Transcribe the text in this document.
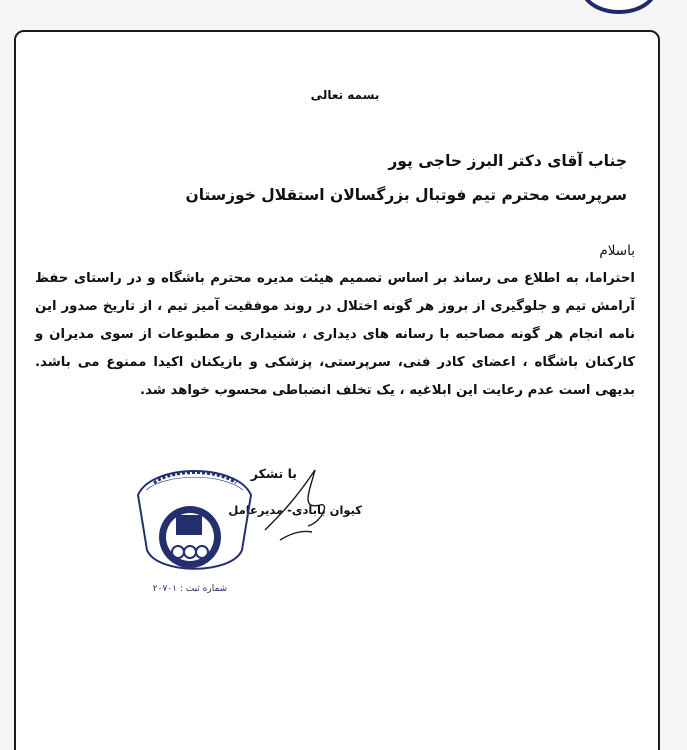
بسمه تعالی
جناب آقای دکتر البرز حاجی پور
سرپرست محترم تیم فوتبال بزرگسالان استقلال خوزستان
باسلام
احتراما، به اطلاع می رساند بر اساس تصمیم هیئت مدیره محترم باشگاه و در راستای حفظ
آرامش تیم و جلوگیری از بروز هر گونه اختلال در روند موفقیت آمیز تیم ، از تاریخ صدور این
نامه انجام هر گونه مصاحبه با رسانه های دیداری ، شنیداری و مطبوعات از سوی مدیران و
کارکنان باشگاه ، اعضای کادر فنی، سرپرستی، پزشکی و بازیکنان اکیدا ممنوع می باشد.
بدیهی است عدم رعایت این ابلاغیه ، یک تخلف انضباطی محسوب خواهد شد.
با تشکر
کیوان بابادی- مدیرعامل
شماره ثبت : ۲۰۷۰۱
